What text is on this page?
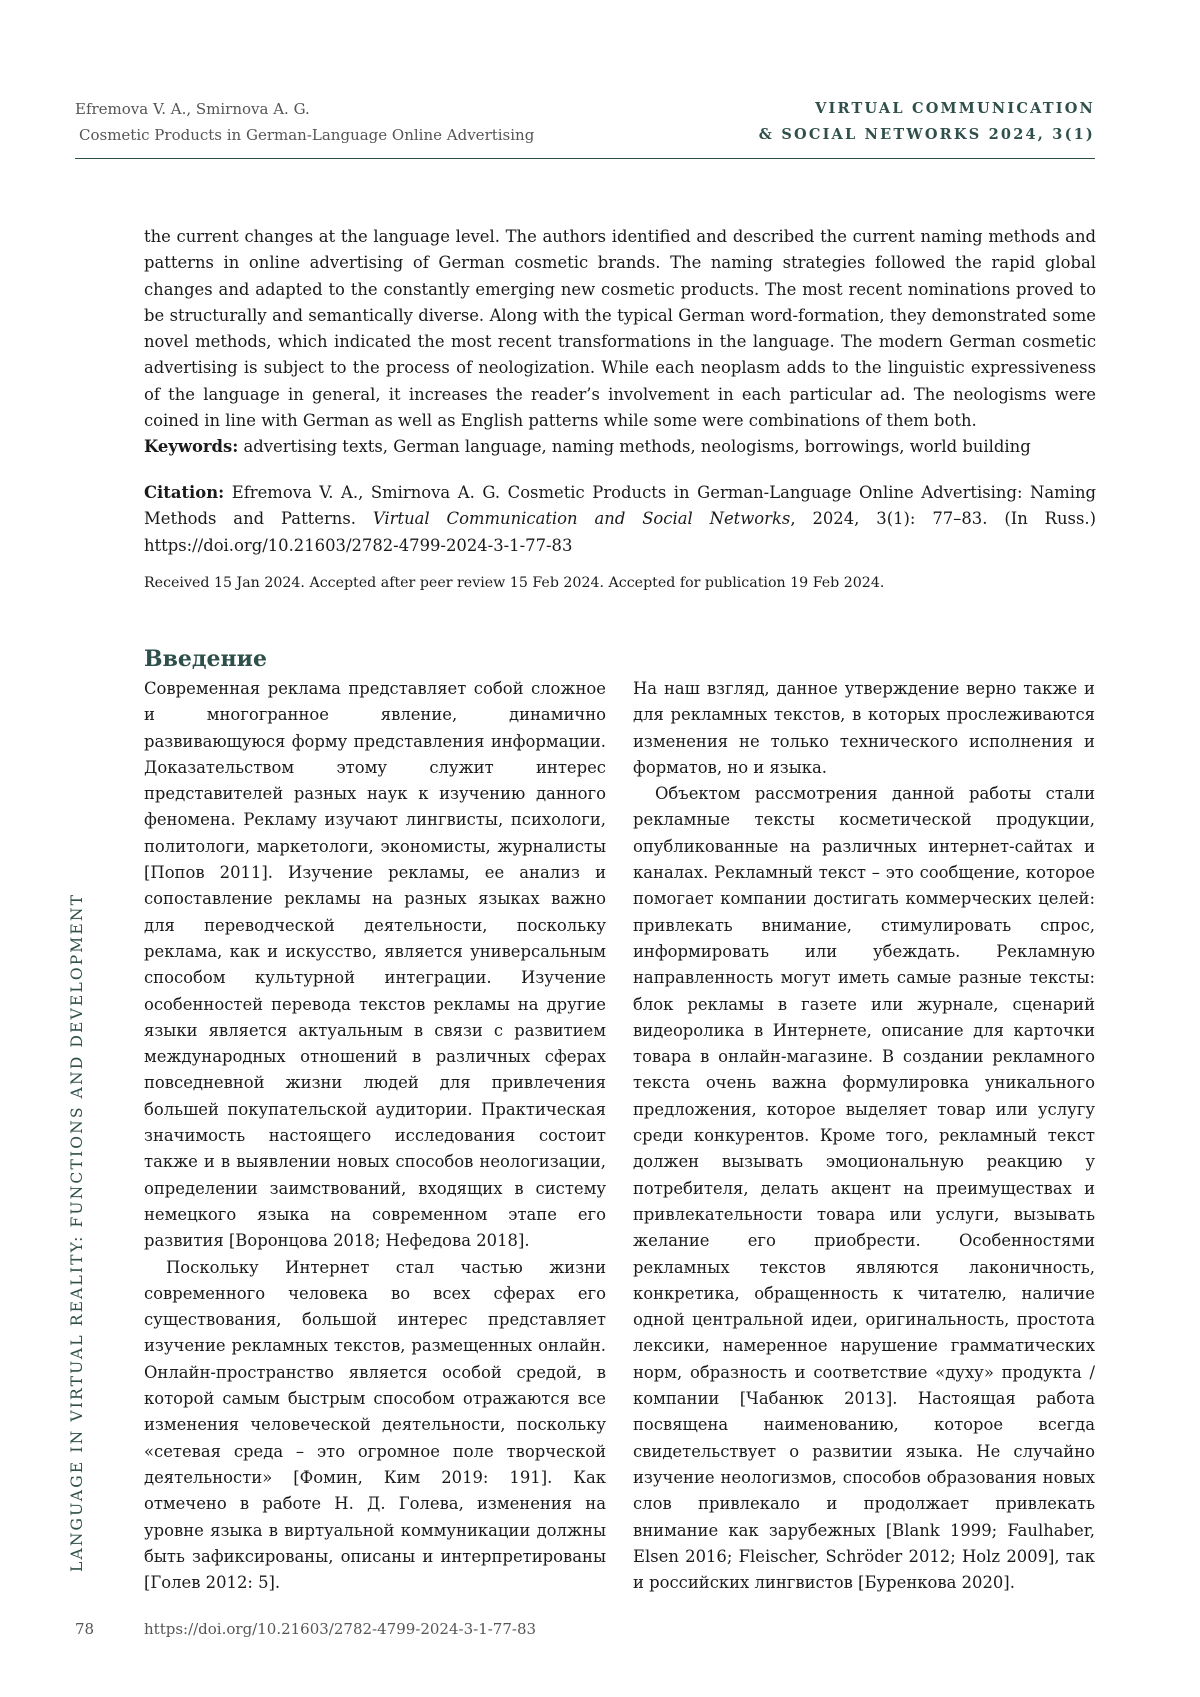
Efremova V. A., Smirnova A. G.
Cosmetic Products in German-Language Online Advertising
VIRTUAL COMMUNICATION
& SOCIAL NETWORKS 2024, 3(1)

the current changes at the language level. The authors identified and described the current naming methods and patterns in online advertising of German cosmetic brands. The naming strategies followed the rapid global changes and adapted to the constantly emerging new cosmetic products. The most recent nominations proved to be structurally and semantically diverse. Along with the typical German word-formation, they demonstrated some novel methods, which indicated the most recent transformations in the language. The modern German cosmetic advertising is subject to the process of neologization. While each neoplasm adds to the linguistic expressiveness of the language in general, it increases the reader’s involvement in each particular ad. The neologisms were coined in line with German as well as English patterns while some were combinations of them both.

Keywords: advertising texts, German language, naming methods, neologisms, borrowings, world building

Citation: Efremova V. A., Smirnova A. G. Cosmetic Products in German-Language Online Advertising: Naming Methods and Patterns. Virtual Communication and Social Networks, 2024, 3(1): 77–83. (In Russ.) https://doi.org/10.21603/2782-4799-2024-3-1-77-83
Received 15 Jan 2024. Accepted after peer review 15 Feb 2024. Accepted for publication 19 Feb 2024.
Введение

Современная реклама представляет собой сложное и многогранное явление, динамично развивающуюся форму представления информации. Доказательством этому служит интерес представителей разных наук к изучению данного феномена. Рекламу изучают лингвисты, психологи, политологи, маркетологи, экономисты, журналисты [Попов 2011]. Изучение рекламы, ее анализ и сопоставление рекламы на разных языках важно для переводческой деятельности, поскольку реклама, как и искусство, является универсальным способом культурной интеграции. Изучение особенностей перевода текстов рекламы на другие языки является актуальным в связи с развитием международных отношений в различных сферах повседневной жизни людей для привлечения большей покупательской аудитории. Практическая значимость настоящего исследования состоит также и в выявлении новых способов неологизации, определении заимствований, входящих в систему немецкого языка на современном этапе его развития [Воронцова 2018; Нефедова 2018].

Поскольку Интернет стал частью жизни современного человека во всех сферах его существования, большой интерес представляет изучение рекламных текстов, размещенных онлайн. Онлайн-пространство является особой средой, в которой самым быстрым способом отражаются все изменения человеческой деятельности, поскольку «сетевая среда – это огромное поле творческой деятельности» [Фомин, Ким 2019: 191]. Как отмечено в работе Н. Д. Голева, изменения на уровне языка в виртуальной коммуникации должны быть зафиксированы, описаны и интерпретированы [Голев 2012: 5].

На наш взгляд, данное утверждение верно также и для рекламных текстов, в которых прослеживаются изменения не только технического исполнения и форматов, но и языка.

Объектом рассмотрения данной работы стали рекламные тексты косметической продукции, опубликованные на различных интернет-сайтах и каналах. Рекламный текст – это сообщение, которое помогает компании достигать коммерческих целей: привлекать внимание, стимулировать спрос, информировать или убеждать. Рекламную направленность могут иметь самые разные тексты: блок рекламы в газете или журнале, сценарий видеоролика в Интернете, описание для карточки товара в онлайн-магазине. В создании рекламного текста очень важна формулировка уникального предложения, которое выделяет товар или услугу среди конкурентов. Кроме того, рекламный текст должен вызывать эмоциональную реакцию у потребителя, делать акцент на преимуществах и привлекательности товара или услуги, вызывать желание его приобрести. Особенностями рекламных текстов являются лаконичность, конкретика, обращенность к читателю, наличие одной центральной идеи, оригинальность, простота лексики, намеренное нарушение грамматических норм, образность и соответствие «духу» продукта / компании [Чабанюк 2013]. Настоящая работа посвящена наименованию, которое всегда свидетельствует о развитии языка. Не случайно изучение неологизмов, способов образования новых слов привлекало и продолжает привлекать внимание как зарубежных [Blank 1999; Faulhaber, Elsen 2016; Fleischer, Schröder 2012; Holz 2009], так и российских лингвистов [Буренкова 2020].

LANGUAGE IN VIRTUAL REALITY: FUNCTIONS AND DEVELOPMENT
78	https://doi.org/10.21603/2782-4799-2024-3-1-77-83
